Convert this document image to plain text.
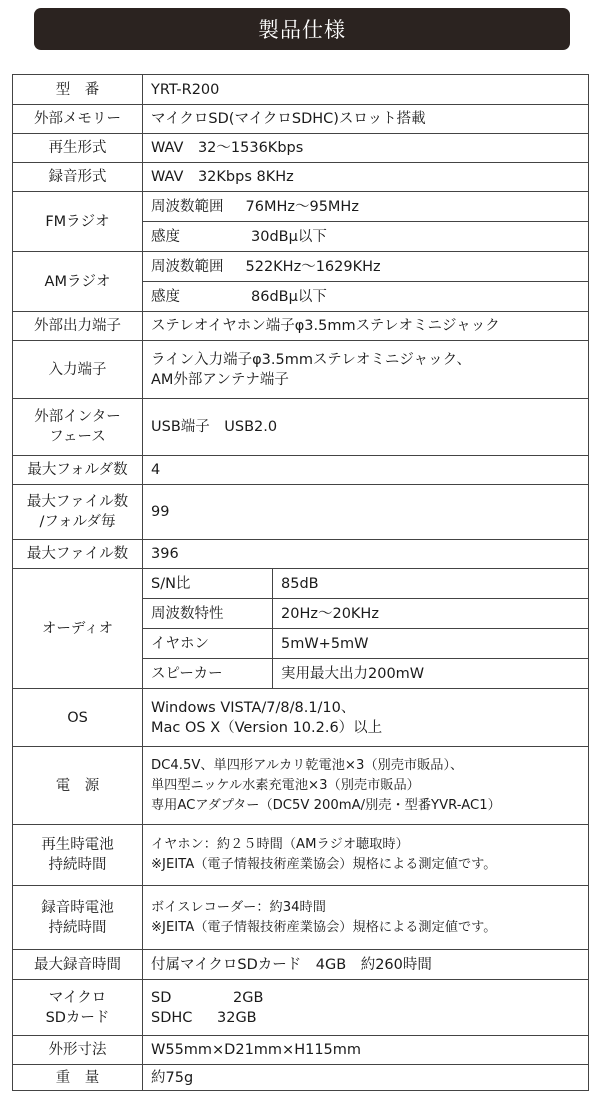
製品仕様
型　番	YRT-R200	
外部メモリー	マイクロSD(マイクロSDHC)スロット搭載	
再生形式	WAV　32～1536Kbps	
録音形式	WAV　32Kbps 8KHz	
FMラジオ	周波数範囲 76MHz～95MHz	
	感度 30dBμ以下	
AMラジオ	周波数範囲 522KHz～1629KHz	
	感度 86dBμ以下	
外部出力端子	ステレオイヤホン端子φ3.5mmステレオミニジャック	
入力端子	ライン入力端子φ3.5mmステレオミニジャック、
AM外部アンテナ端子	

外部インター
フェース	USB端子　USB2.0	
最大フォルダ数	4	

最大ファイル数
/フォルダ毎	99	
最大ファイル数	396	
オーディオ	S/N比	85dB
	周波数特性	20Hz～20KHz
	イヤホン	5mW+5mW
	スピーカー	実用最大出力200mW
OS	Windows VISTA/7/8/8.1/10、
Mac OS X（Version 10.2.6）以上	

電　源	DC4.5V、単四形アルカリ乾電池×3（別売市販品）、
単四型ニッケル水素充電池×3（別売市販品）
専用ACアダプター（DC5V 200mA/別売・型番YVR-AC1）	

再生時電池
持続時間	イヤホン：約２５時間（AMラジオ聴取時）
※JEITA（電子情報技術産業協会）規格による測定値です。	

録音時電池
持続時間	ボイスレコーダー：約34時間
※JEITA（電子情報技術産業協会）規格による測定値です。	

最大録音時間	付属マイクロSDカード　4GB　約260時間	

マイクロ
SDカード	SD 2GB
SDHC 32GB	

外形寸法	W55mm×D21mm×H115mm	
重　量	約75g	
